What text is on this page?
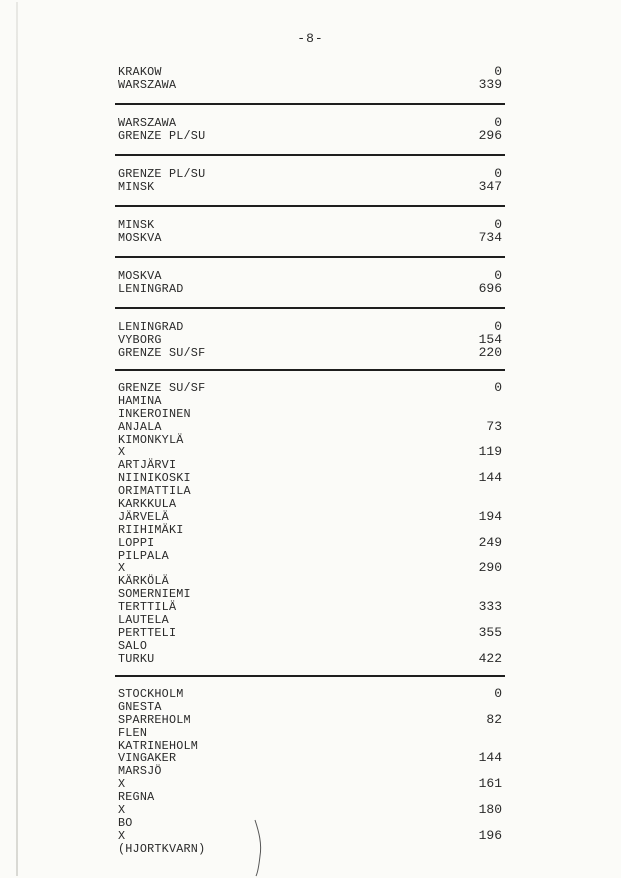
-8-
KRAKOW	0
WARSZAWA	339
WARSZAWA	0
GRENZE PL/SU	296
GRENZE PL/SU	0
MINSK	347
MINSK	0
MOSKVA	734
MOSKVA	0
LENINGRAD	696
LENINGRAD	0
VYBORG	154
GRENZE SU/SF	220
GRENZE SU/SF	0
HAMINA
INKEROINEN
ANJALA	73
KIMONKYLÄ
X	119
ARTJÄRVI
NIINIKOSKI	144
ORIMATTILA
KARKKULA
JÄRVELÄ	194
RIIHIMÄKI
LOPPI	249
PILPALA
X	290
KÄRKÖLÄ
SOMERNIEMI
TERTTILÄ	333
LAUTELA
PERTTELI	355
SALO
TURKU	422
STOCKHOLM	0
GNESTA
SPARREHOLM	82
FLEN
KATRINEHOLM
VINGAKER	144
MARSJÖ
X	161
REGNA
X	180
BO
X	196
(HJORTKVARN)
